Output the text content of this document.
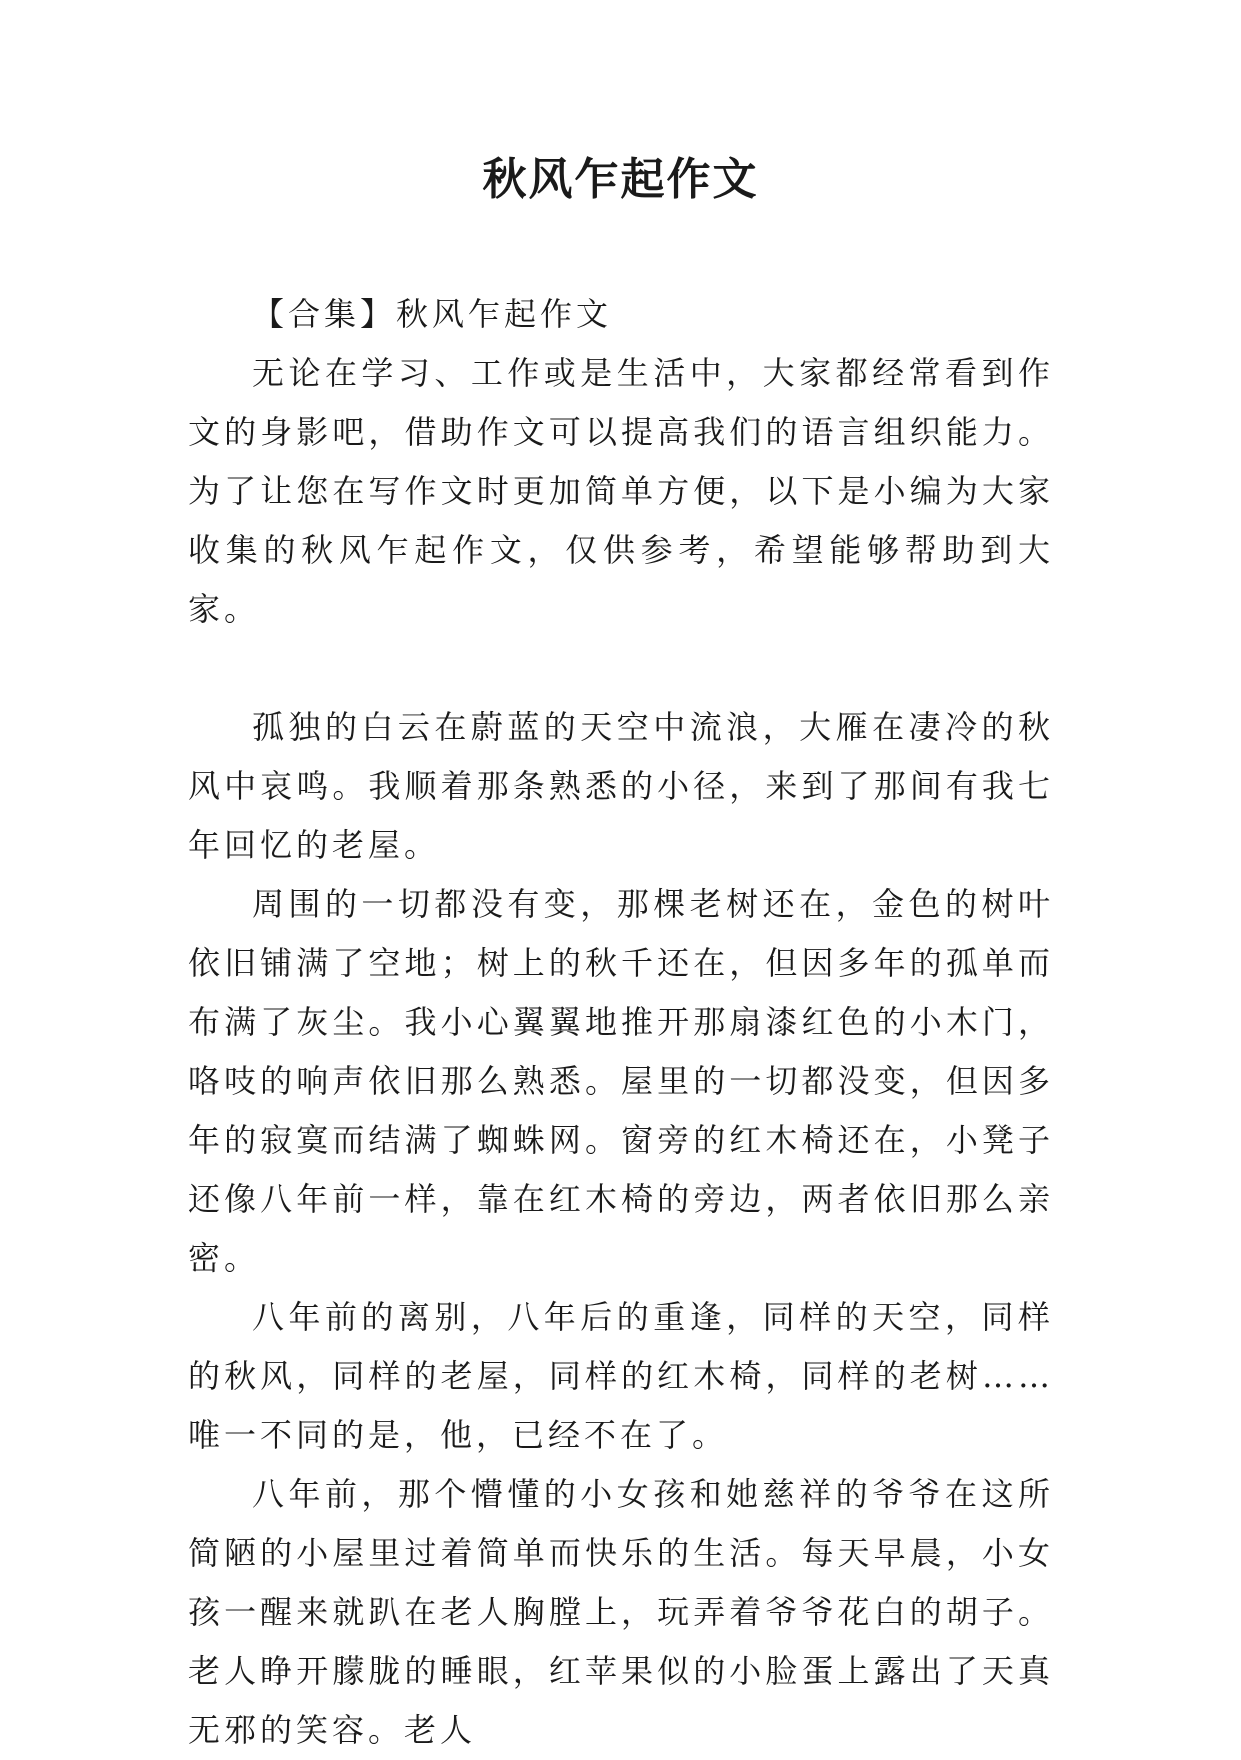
秋风乍起作文

【合集】秋风乍起作文

无论在学习、工作或是生活中，大家都经常看到作文的身影吧，借助作文可以提高我们的语言组织能力。为了让您在写作文时更加简单方便，以下是小编为大家收集的秋风乍起作文，仅供参考，希望能够帮助到大家。

孤独的白云在蔚蓝的天空中流浪，大雁在凄冷的秋风中哀鸣。我顺着那条熟悉的小径，来到了那间有我七年回忆的老屋。

周围的一切都没有变，那棵老树还在，金色的树叶依旧铺满了空地；树上的秋千还在，但因多年的孤单而布满了灰尘。我小心翼翼地推开那扇漆红色的小木门，咯吱的响声依旧那么熟悉。屋里的一切都没变，但因多年的寂寞而结满了蜘蛛网。窗旁的红木椅还在，小凳子还像八年前一样，靠在红木椅的旁边，两者依旧那么亲密。

八年前的离别，八年后的重逢，同样的天空，同样的秋风，同样的老屋，同样的红木椅，同样的老树……唯一不同的是，他，已经不在了。

八年前，那个懵懂的小女孩和她慈祥的爷爷在这所简陋的小屋里过着简单而快乐的生活。每天早晨，小女孩一醒来就趴在老人胸膛上，玩弄着爷爷花白的胡子。老人睁开朦胧的睡眼，红苹果似的小脸蛋上露出了天真无邪的笑容。老人
